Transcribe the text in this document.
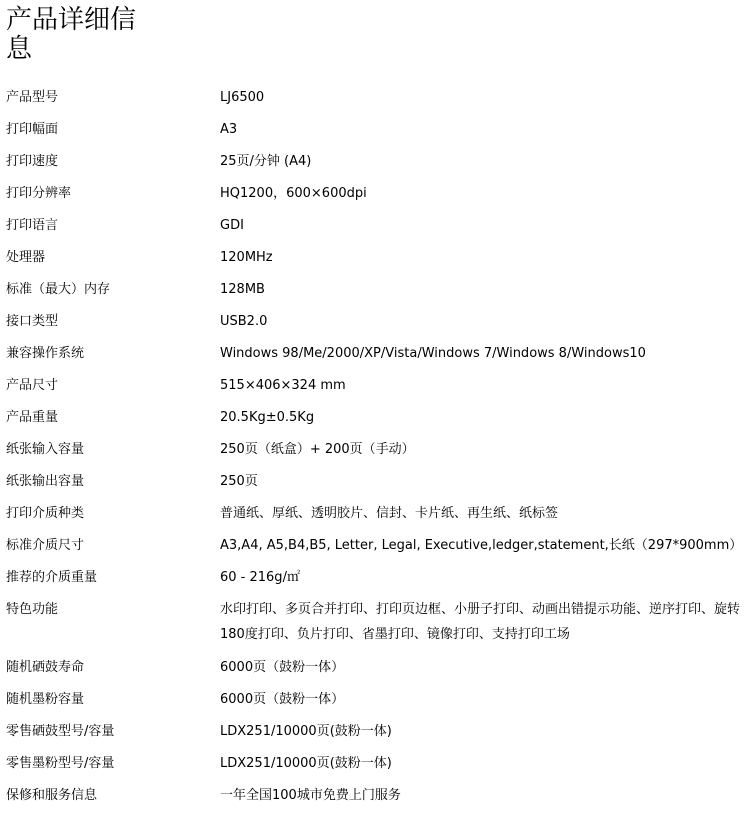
产品详细信息
产品型号	LJ6500
打印幅面	A3
打印速度	25页/分钟 (A4)
打印分辨率	HQ1200，600×600dpi
打印语言	GDI
处理器	120MHz
标准（最大）内存	128MB
接口类型	USB2.0
兼容操作系统	Windows 98/Me/2000/XP/Vista/Windows 7/Windows 8/Windows10
产品尺寸	515×406×324 mm
产品重量	20.5Kg±0.5Kg
纸张输入容量	250页（纸盒）+ 200页（手动）
纸张输出容量	250页
打印介质种类	普通纸、厚纸、透明胶片、信封、卡片纸、再生纸、纸标签
标准介质尺寸	A3,A4, A5,B4,B5, Letter, Legal, Executive,ledger,statement,长纸（297*900mm）
推荐的介质重量	60 - 216g/㎡
特色功能	水印打印、多页合并打印、打印页边框、小册子打印、动画出错提示功能、逆序打印、旋转180度打印、负片打印、省墨打印、镜像打印、支持打印工场
随机硒鼓寿命	6000页（鼓粉一体）
随机墨粉容量	6000页（鼓粉一体）
零售硒鼓型号/容量	LDX251/10000页(鼓粉一体)
零售墨粉型号/容量	LDX251/10000页(鼓粉一体)
保修和服务信息	一年全国100城市免费上门服务
